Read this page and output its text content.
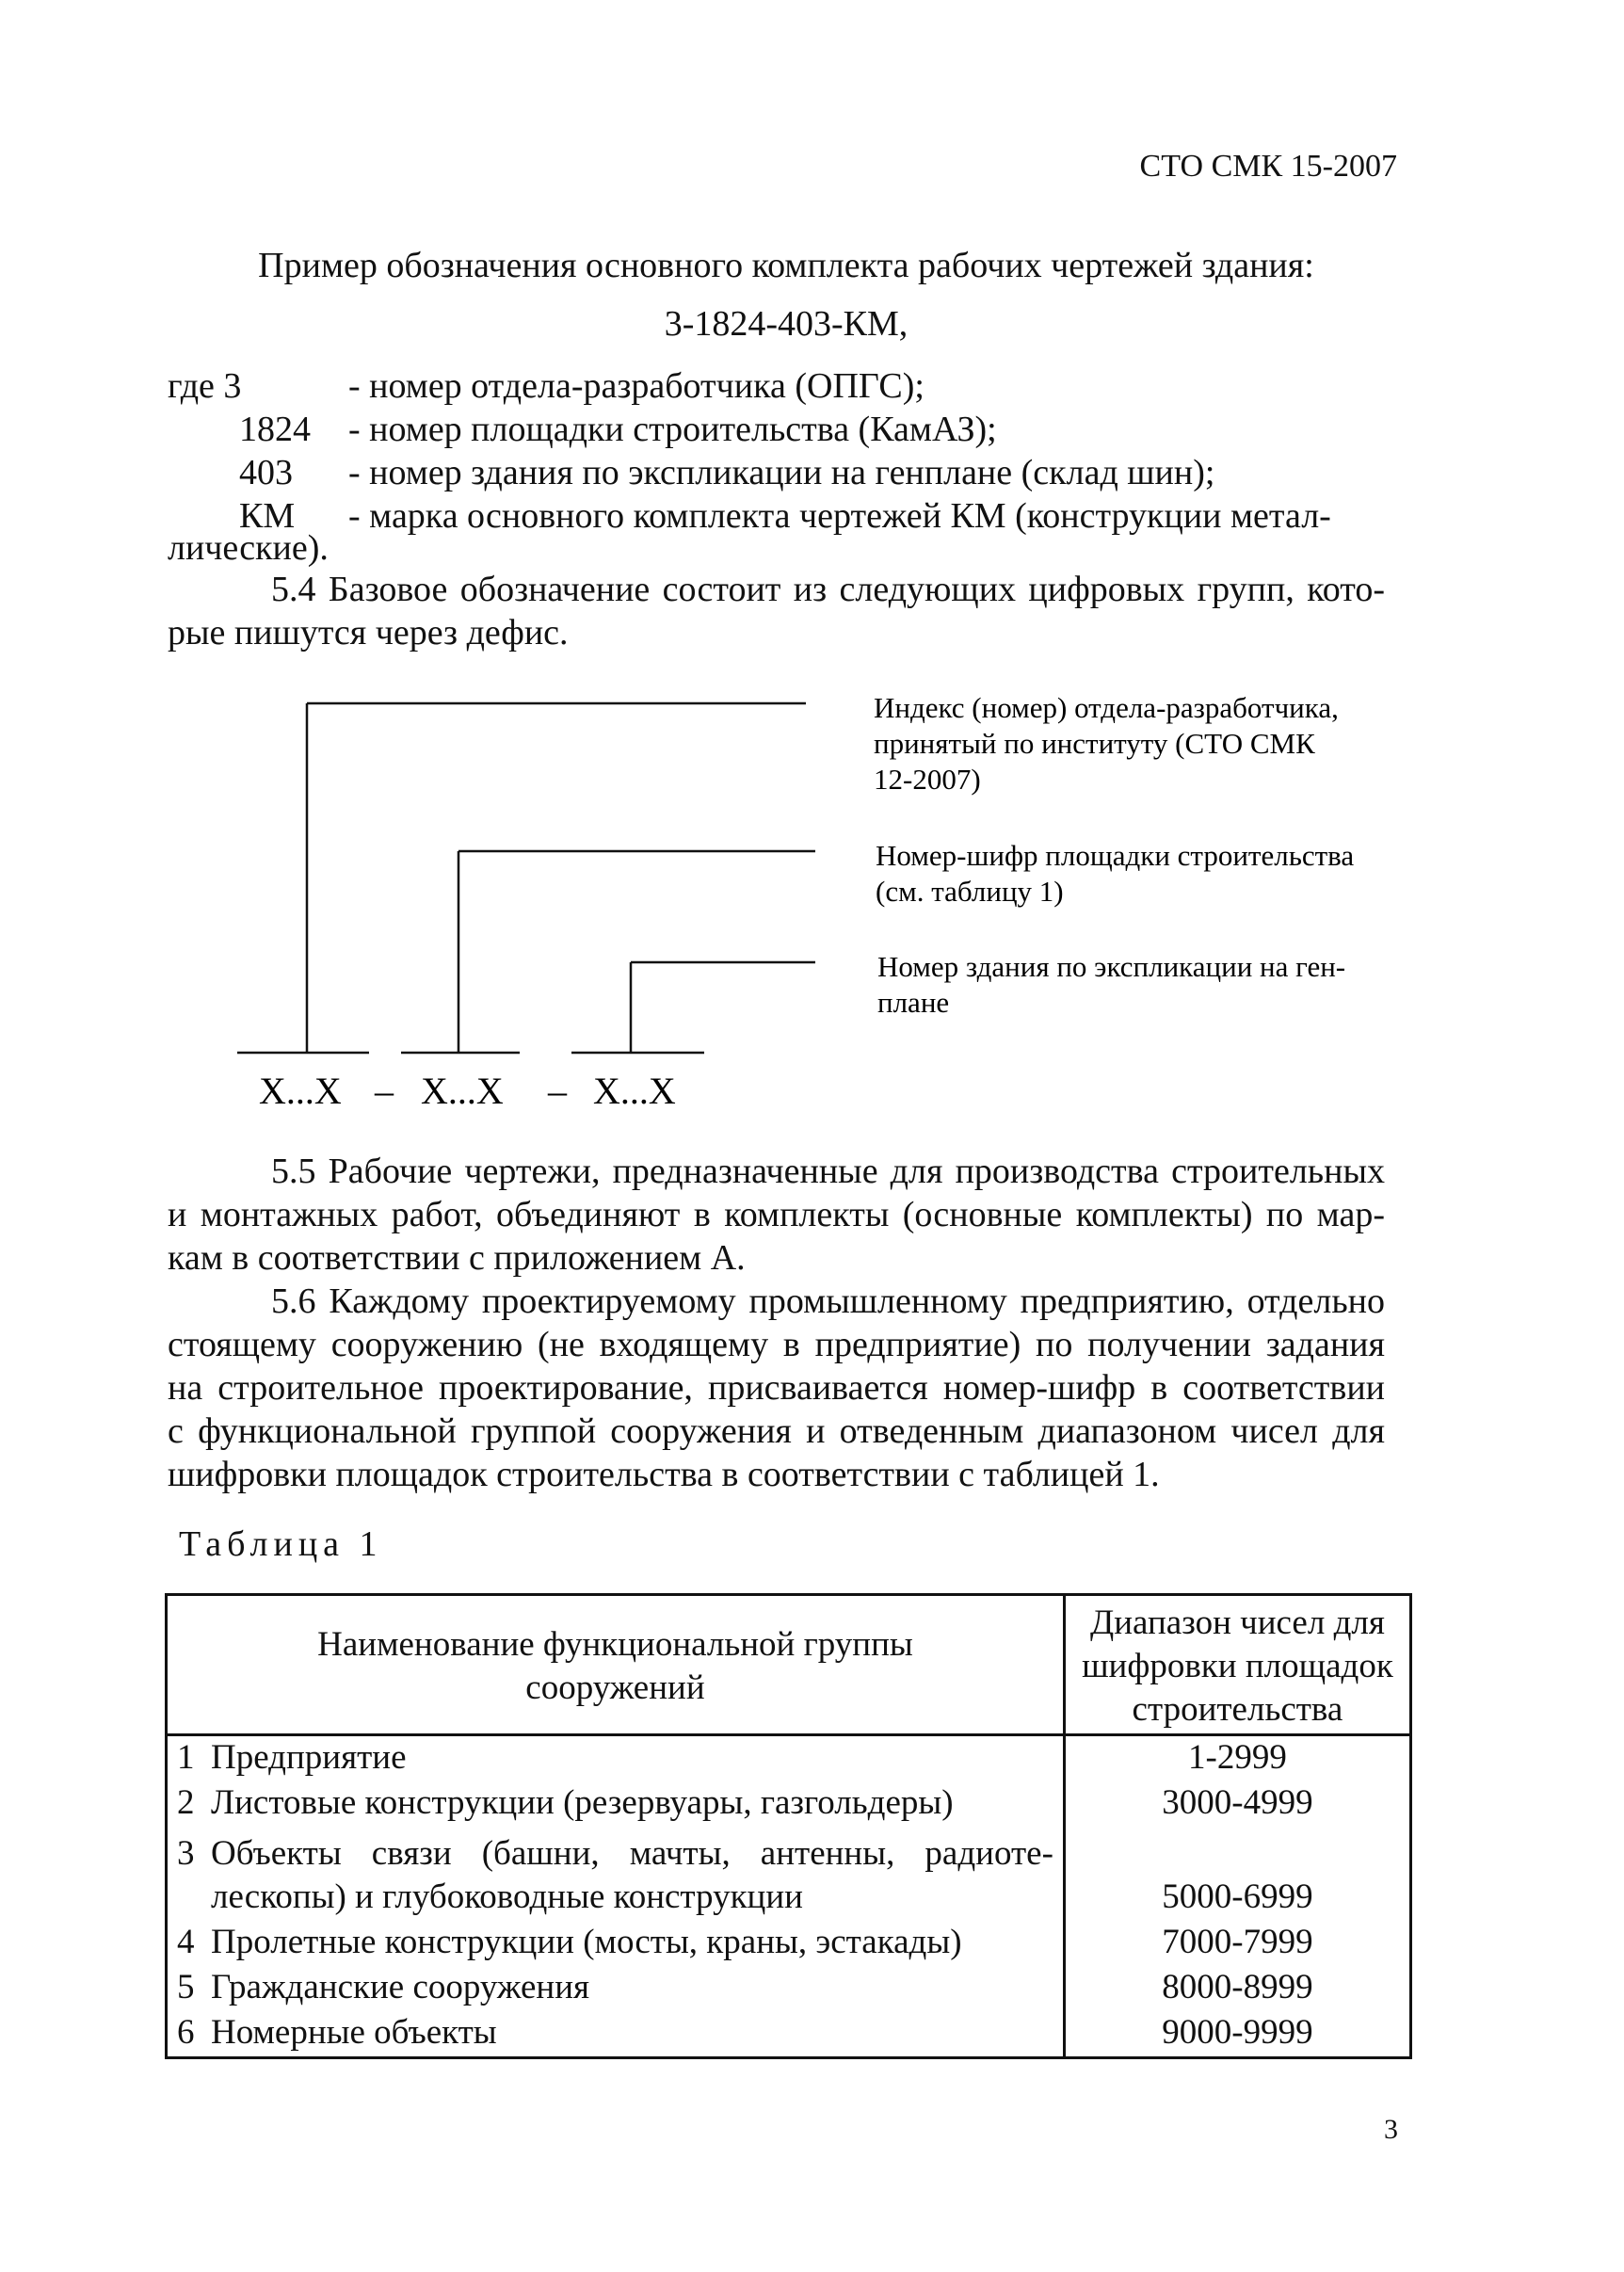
СТО СМК 15-2007
Пример обозначения основного комплекта рабочих чертежей здания:
3-1824-403-КМ,
где 3	- номер отдела-разработчика (ОПГС);
1824 - номер площадки строительства (КамАЗ);
403 - номер здания по экспликации на генплане (склад шин);
КМ - марка основного комплекта чертежей КМ (конструкции метал-
лические).
5.4 Базовое обозначение состоит из следующих цифровых групп, кото-
рые пишутся через дефис.
Индекс (номер) отдела-разработчика,
принятый по институту (СТО СМК
12-2007)
Номер-шифр площадки строительства
(см. таблицу 1)
Номер здания по экспликации на ген-
плане
X...X – X...X – X...X
5.5 Рабочие чертежи, предназначенные для производства строительных
и монтажных работ, объединяют в комплекты (основные комплекты) по мар-
кам в соответствии с приложением А.
5.6 Каждому проектируемому промышленному предприятию, отдельно
стоящему сооружению (не входящему в предприятие) по получении задания
на строительное проектирование, присваивается номер-шифр в соответствии
с функциональной группой сооружения и отведенным диапазоном чисел для
шифровки площадок строительства в соответствии с таблицей 1.
Таблица 1
Наименование функциональной группы
сооружений		Диапазон чисел для
шифровки площадок
строительства

1	Предприятие	1-2999
2	Листовые конструкции (резервуары, газгольдеры)	3000-4999
3	Объекты связи (башни, мачты, антенны, радиоте-
лескопы) и глубоководные конструкции	5000-6999
4	Пролетные конструкции (мосты, краны, эстакады)	7000-7999
5	Гражданские сооружения	8000-8999
6	Номерные объекты	9000-9999
3
